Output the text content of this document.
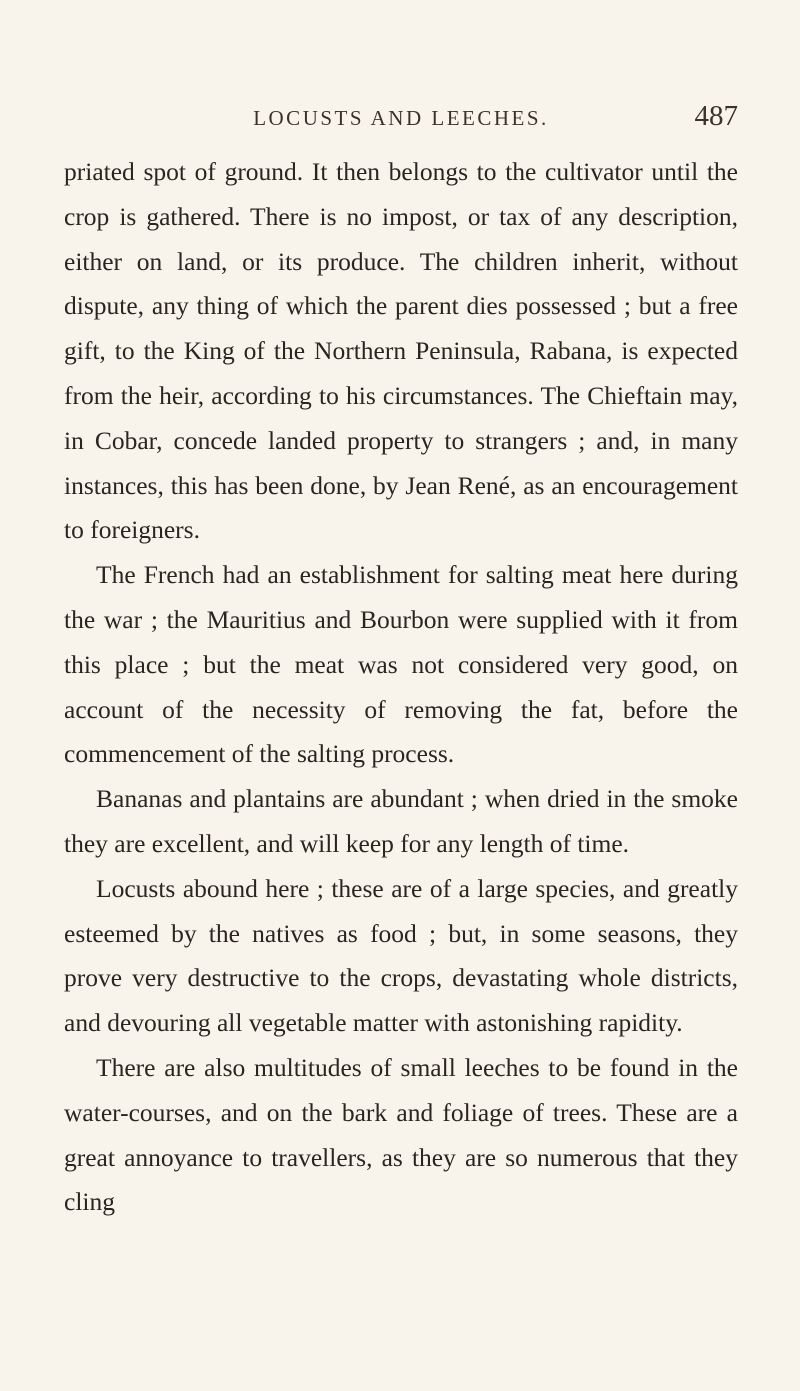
LOCUSTS AND LEECHES.	487

priated spot of ground. It then belongs to the cultivator until the crop is gathered. There is no impost, or tax of any description, either on land, or its produce. The children inherit, without dispute, any thing of which the parent dies possessed ; but a free gift, to the King of the Northern Peninsula, Rabana, is expected from the heir, according to his circumstances. The Chieftain may, in Cobar, concede landed property to strangers ; and, in many instances, this has been done, by Jean René, as an encouragement to foreigners.

The French had an establishment for salting meat here during the war ; the Mauritius and Bourbon were supplied with it from this place ; but the meat was not considered very good, on account of the necessity of removing the fat, before the commencement of the salting process.

Bananas and plantains are abundant ; when dried in the smoke they are excellent, and will keep for any length of time.

Locusts abound here ; these are of a large species, and greatly esteemed by the natives as food ; but, in some seasons, they prove very destructive to the crops, devastating whole districts, and devouring all vegetable matter with astonishing rapidity.

There are also multitudes of small leeches to be found in the water-courses, and on the bark and foliage of trees. These are a great annoyance to travellers, as they are so numerous that they cling
